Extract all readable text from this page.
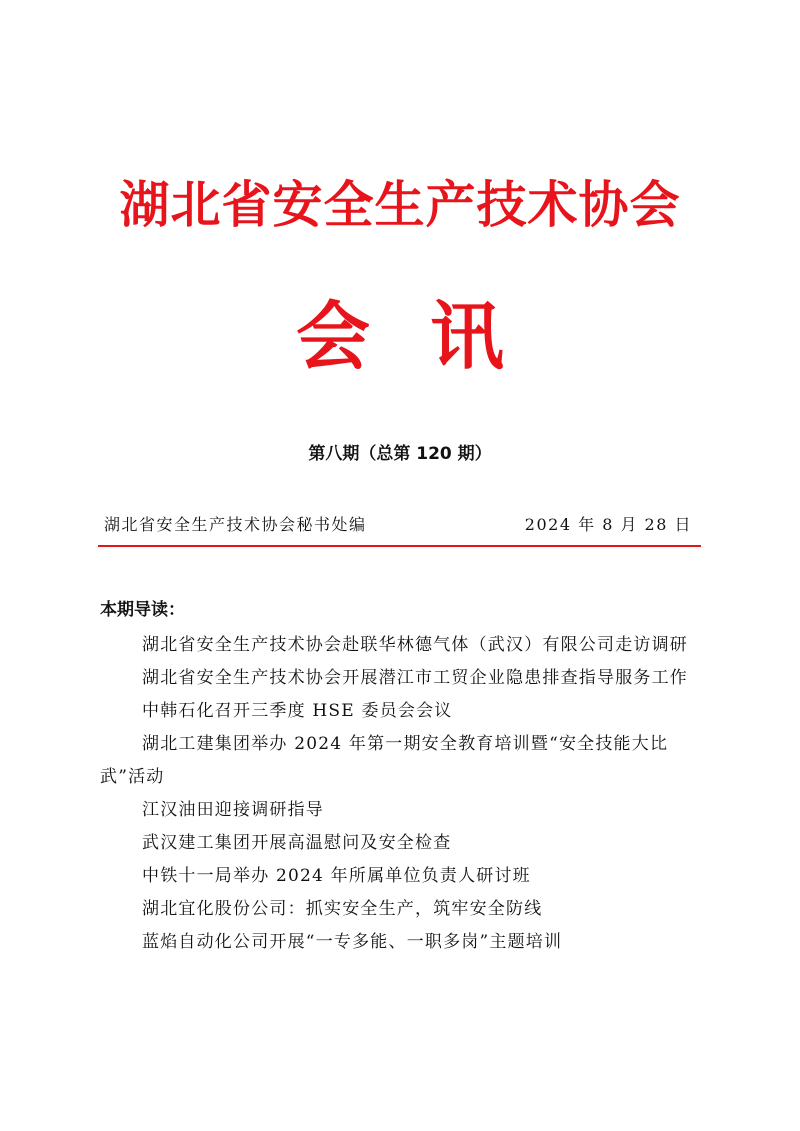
湖北省安全生产技术协会
会讯
第八期（总第 120 期）
湖北省安全生产技术协会秘书处编	2024 年 8 月 28 日
本期导读：
湖北省安全生产技术协会赴联华林德气体（武汉）有限公司走访调研
湖北省安全生产技术协会开展潜江市工贸企业隐患排查指导服务工作
中韩石化召开三季度 HSE 委员会会议
湖北工建集团举办 2024 年第一期安全教育培训暨“安全技能大比武”活动
江汉油田迎接调研指导
武汉建工集团开展高温慰问及安全检查
中铁十一局举办 2024 年所属单位负责人研讨班
湖北宜化股份公司：抓实安全生产，筑牢安全防线
蓝焰自动化公司开展“一专多能、一职多岗”主题培训
